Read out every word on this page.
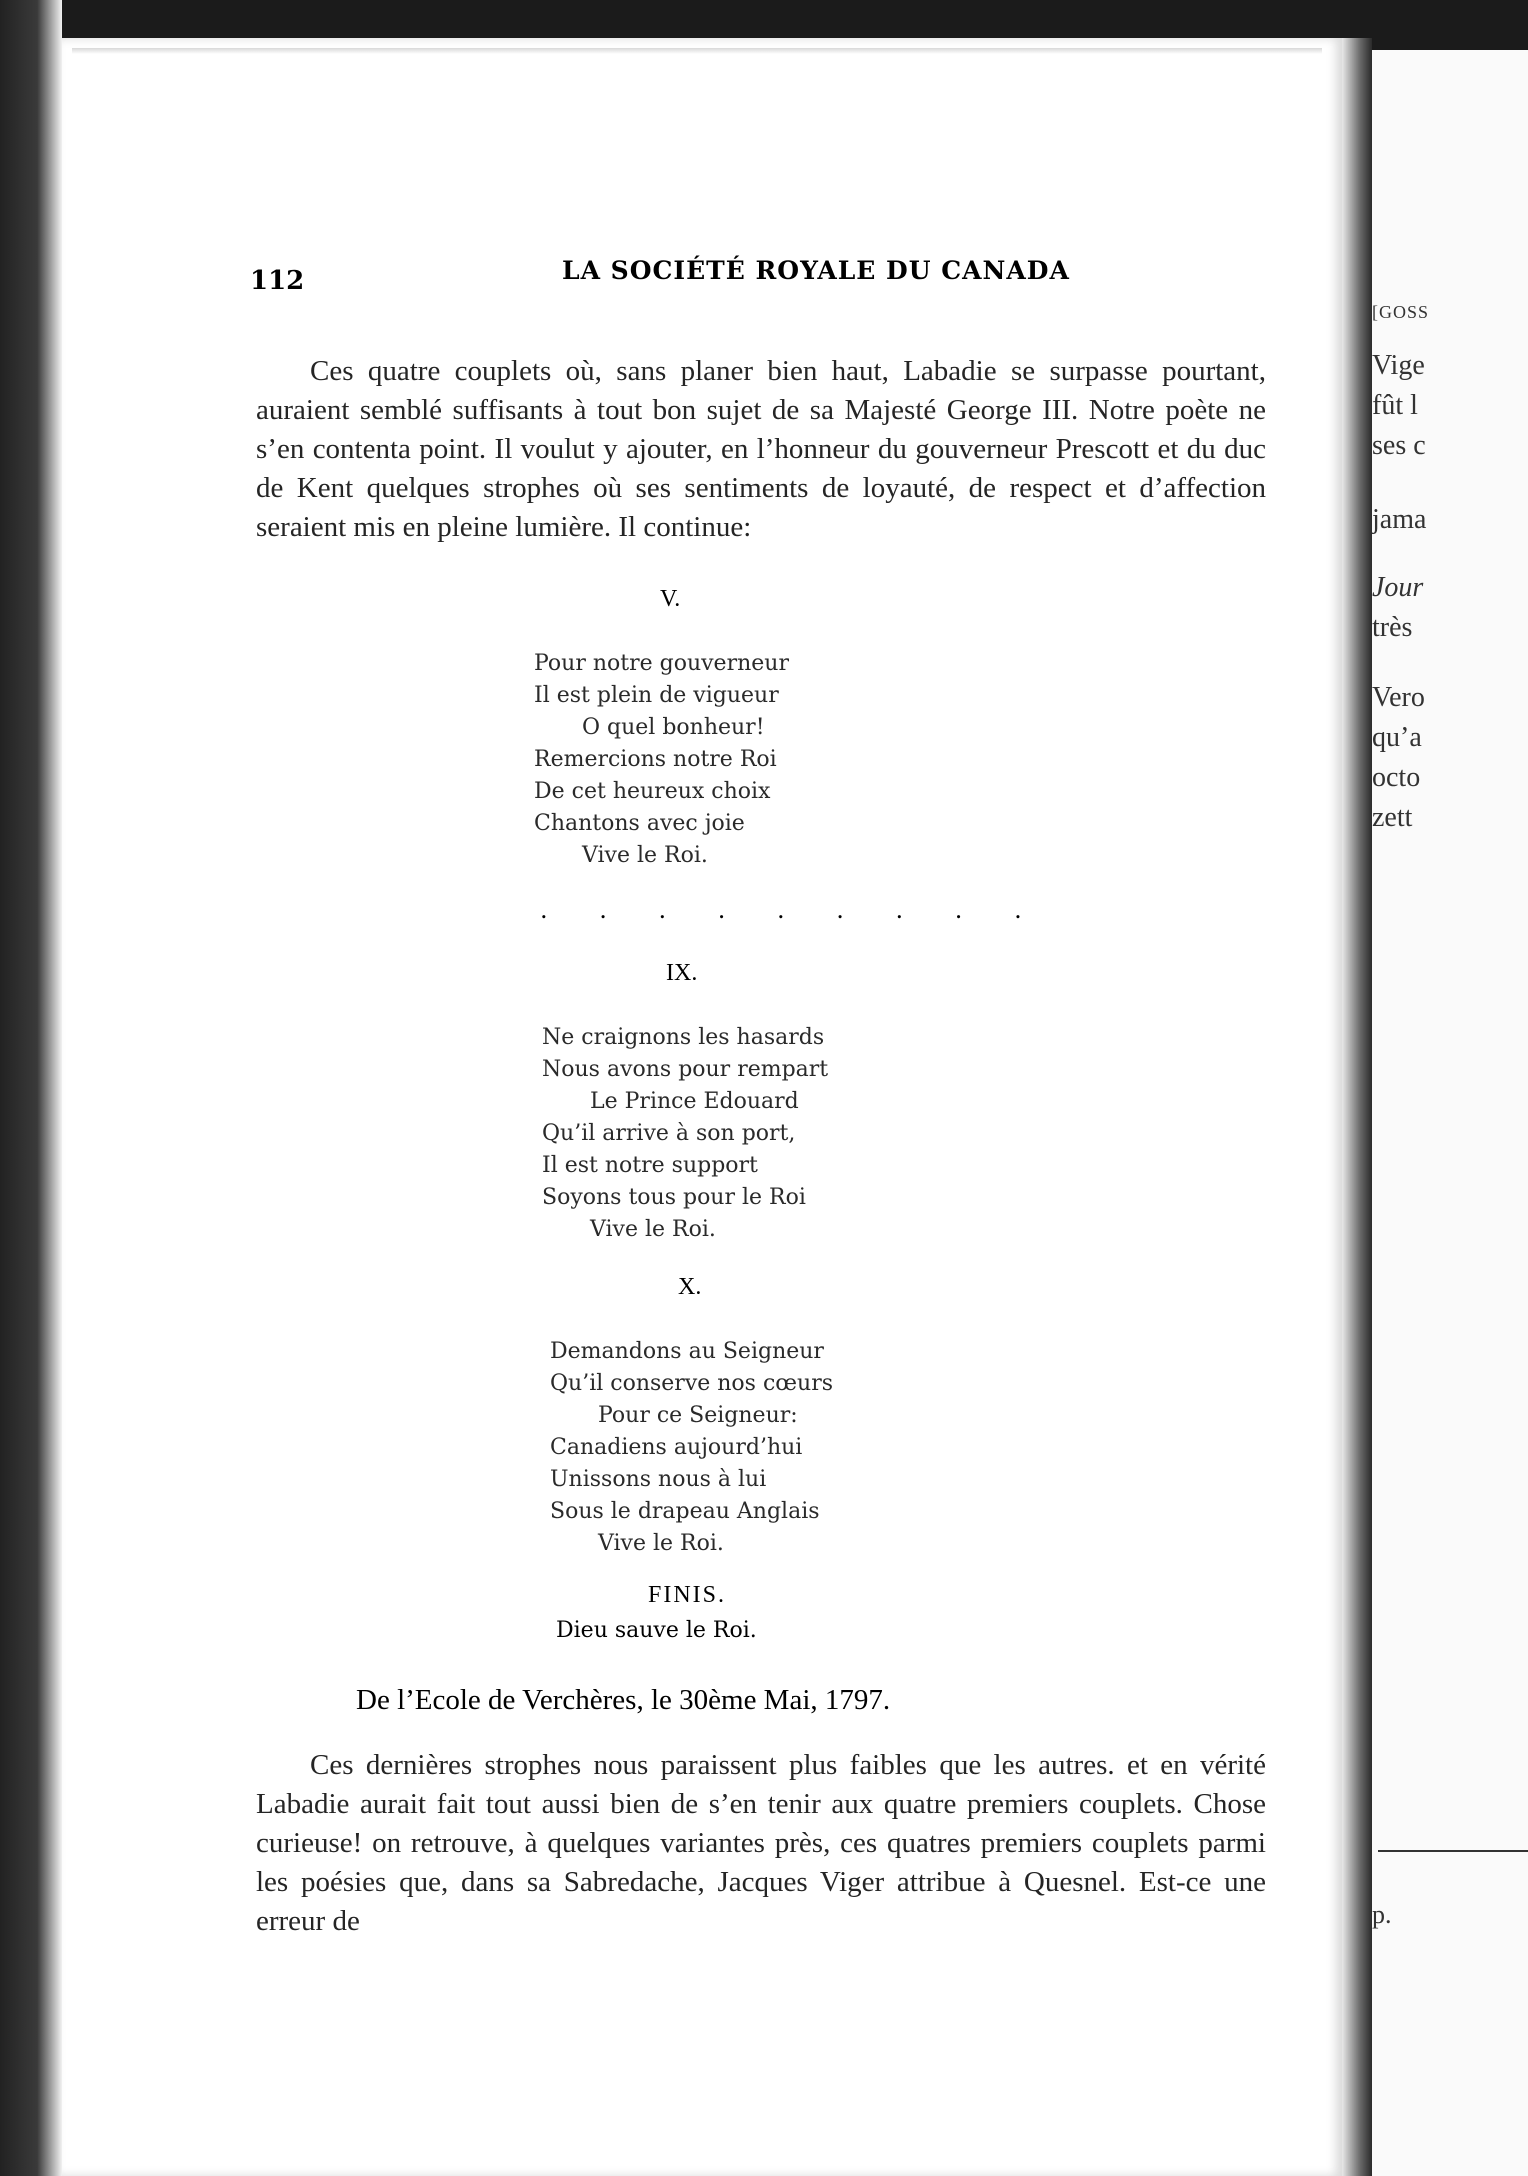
[GOSS
Vige
fût l
ses c
jama
Jour
très
Vero
qu’a
octo
zett
p.
112	LA SOCIÉTÉ ROYALE DU CANADA

Ces quatre couplets où, sans planer bien haut, Labadie se surpasse pourtant, auraient semblé suffisants à tout bon sujet de sa Majesté George III. Notre poète ne s’en contenta point. Il voulut y ajouter, en l’honneur du gouverneur Prescott et du duc de Kent quelques strophes où ses sentiments de loyauté, de respect et d’affection seraient mis en pleine lumière. Il continue:

V.
Pour notre gouverneur
Il est plein de vigueur
O quel bonheur!
Remercions notre Roi
De cet heureux choix
Chantons avec joie
Vive le Roi.
. . . . . . . . .
IX.
Ne craignons les hasards
Nous avons pour rempart
Le Prince Edouard
Qu’il arrive à son port,
Il est notre support
Soyons tous pour le Roi
Vive le Roi.
X.
Demandons au Seigneur
Qu’il conserve nos cœurs
Pour ce Seigneur:
Canadiens aujourd’hui
Unissons nous à lui
Sous le drapeau Anglais
Vive le Roi.
FINIS.
Dieu sauve le Roi.
De l’Ecole de Verchères, le 30ème Mai, 1797.

Ces dernières strophes nous paraissent plus faibles que les autres. et en vérité Labadie aurait fait tout aussi bien de s’en tenir aux quatre premiers couplets. Chose curieuse! on retrouve, à quelques variantes près, ces quatres premiers couplets parmi les poésies que, dans sa Sabredache, Jacques Viger attribue à Quesnel. Est-ce une erreur de
